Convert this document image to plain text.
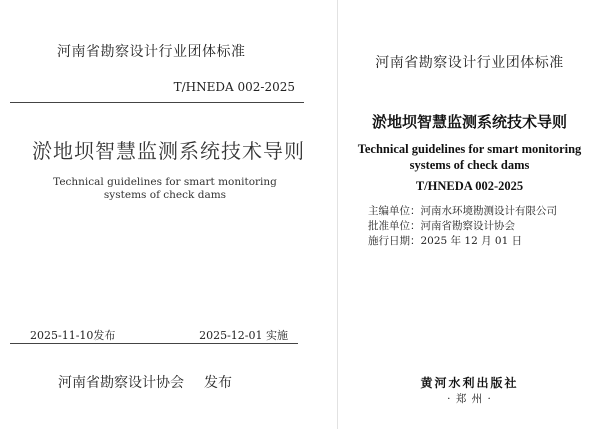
河南省勘察设计行业团体标准
T/HNEDA 002-2025
淤地坝智慧监测系统技术导则
Technical guidelines for smart monitoring systems of check dams
2025-11-10发布	2025-12-01 实施
河南省勘察设计协会 发布
河南省勘察设计行业团体标准
淤地坝智慧监测系统技术导则
Technical guidelines for smart monitoring systems of check dams
T/HNEDA 002-2025
主编单位：河南水环境勘测设计有限公司
批准单位：河南省勘察设计协会
施行日期：2025 年 12 月 01 日
黄河水利出版社
· 郑 州 ·
